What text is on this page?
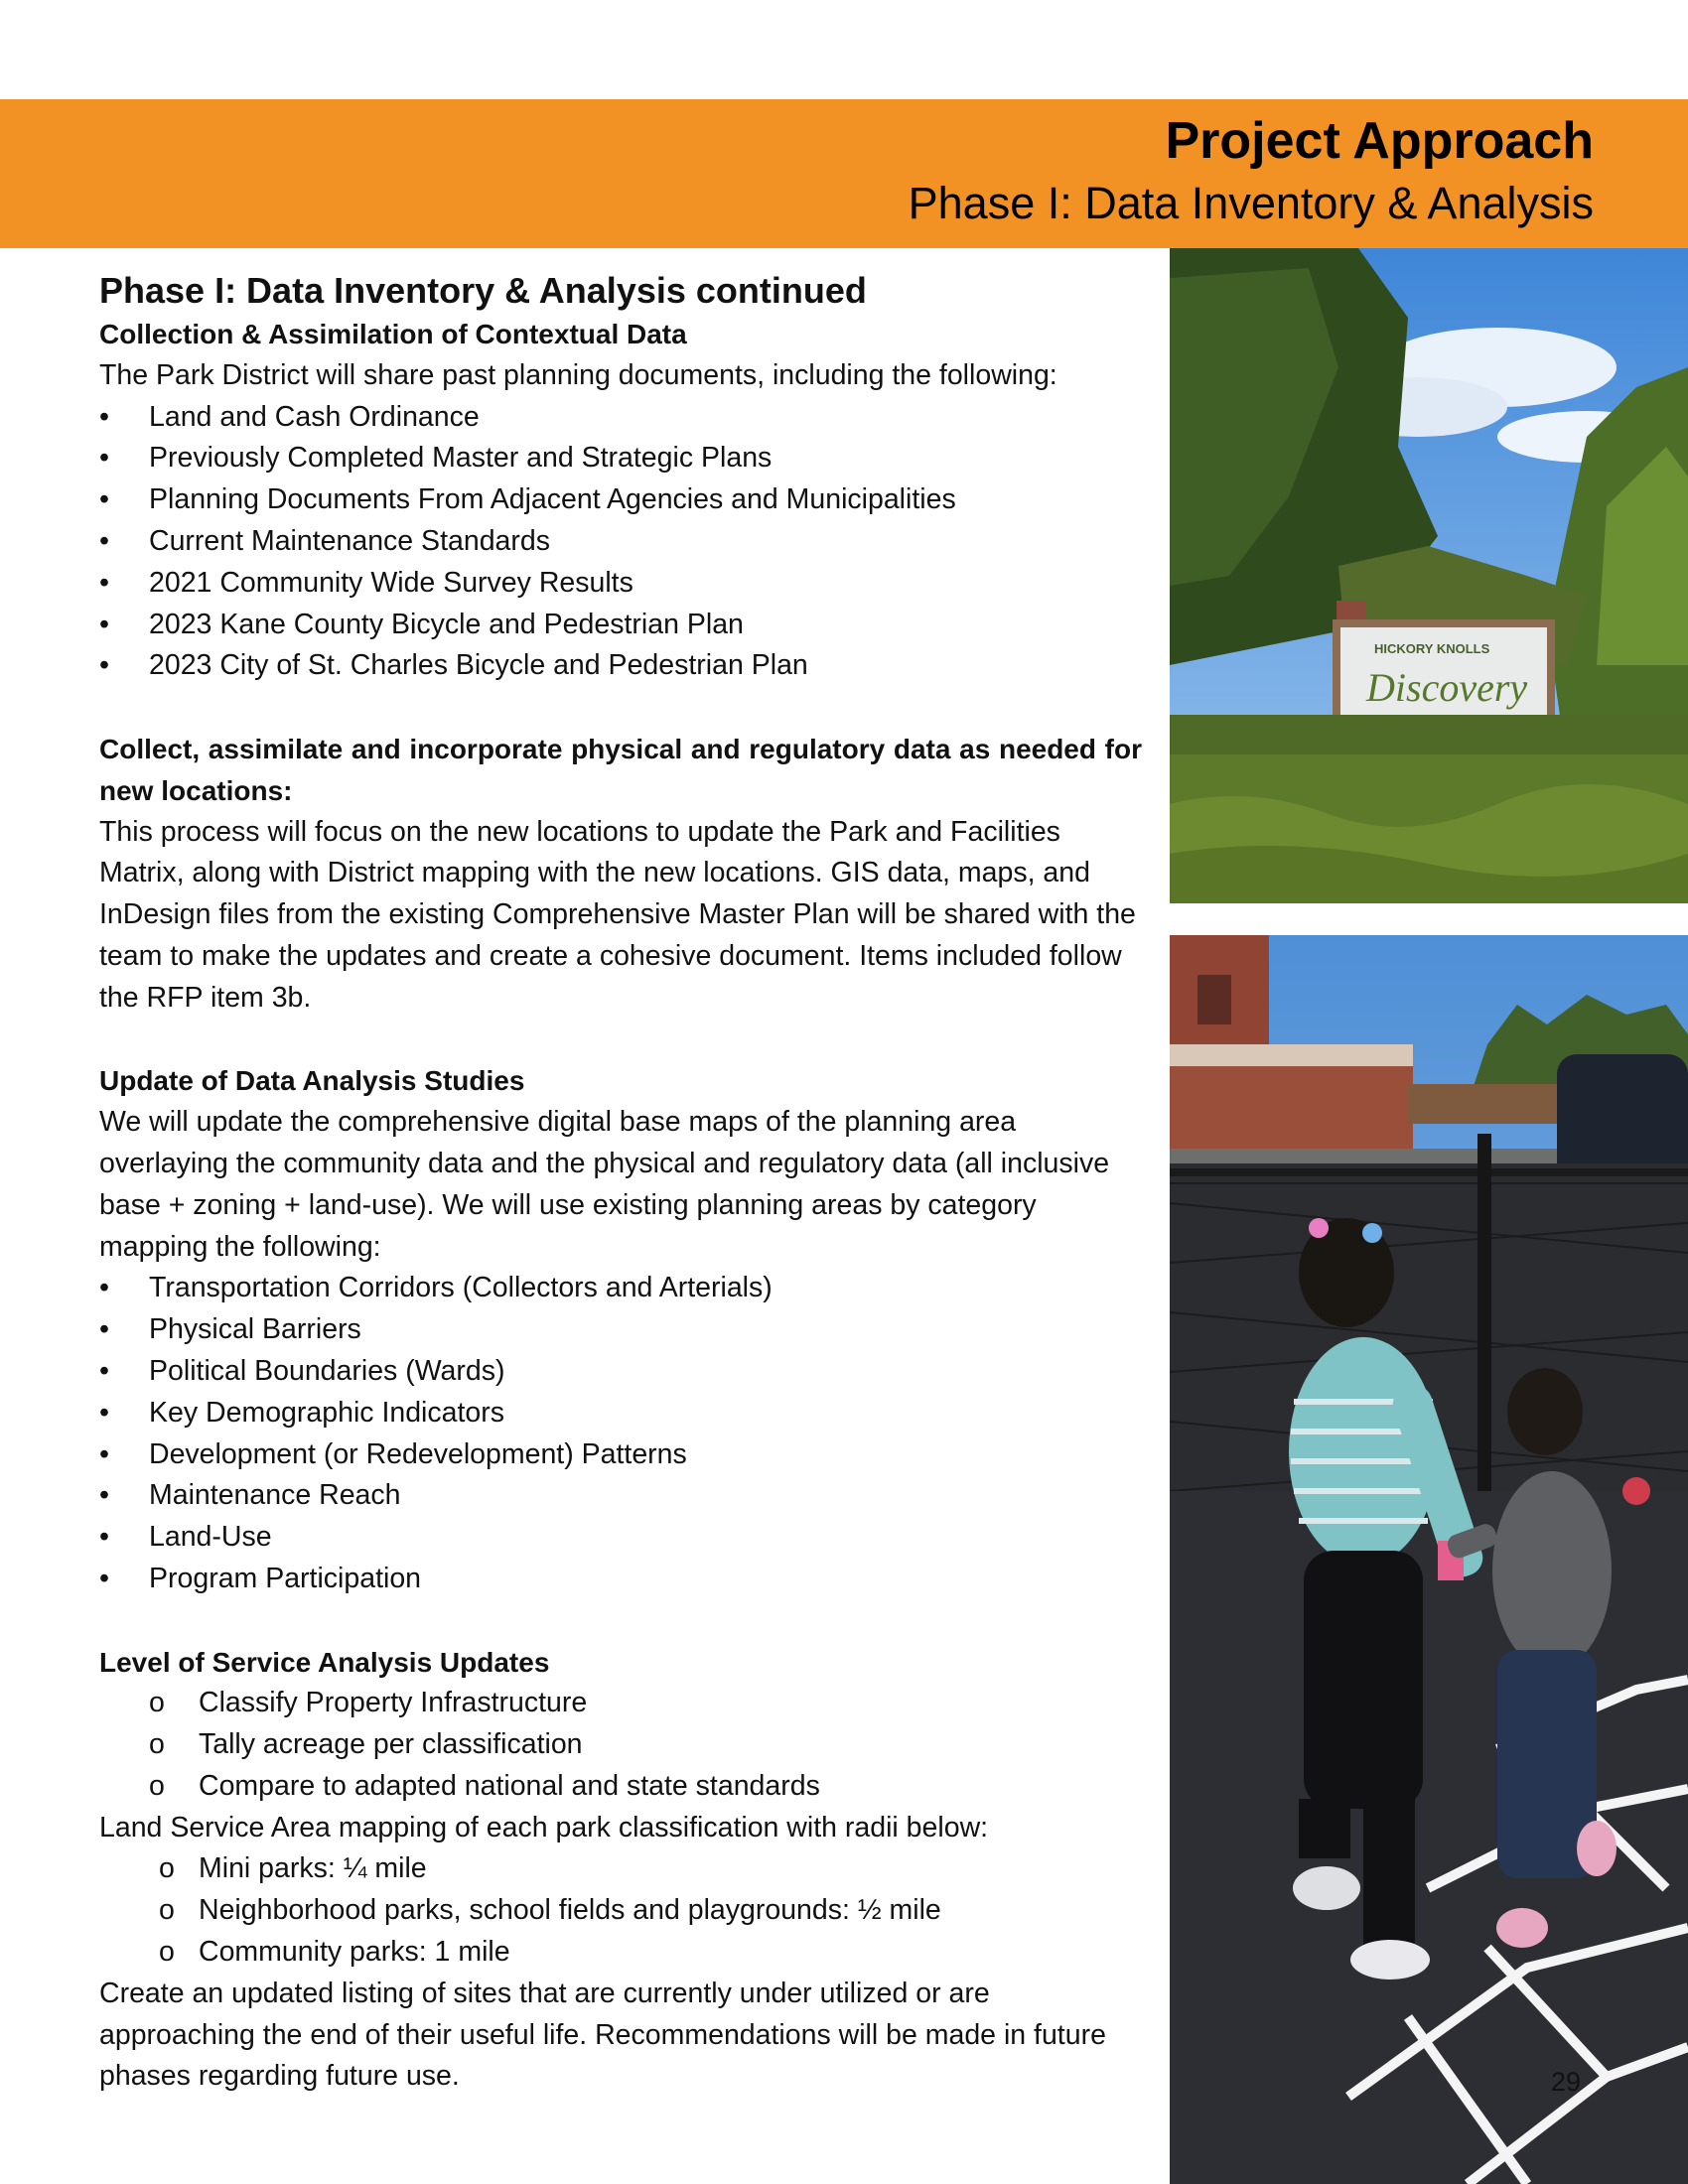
Project Approach
Phase I: Data Inventory & Analysis
Phase I: Data Inventory & Analysis continued
Collection & Assimilation of Contextual Data

The Park District will share past planning documents, including the following:

• Land and Cash Ordinance
• Previously Completed Master and Strategic Plans
• Planning Documents From Adjacent Agencies and Municipalities
• Current Maintenance Standards
• 2021 Community Wide Survey Results
• 2023 Kane County Bicycle and Pedestrian Plan
• 2023 City of St. Charles Bicycle and Pedestrian Plan
Collect, assimilate and incorporate physical and regulatory data as needed for new locations:

This process will focus on the new locations to update the Park and Facilities Matrix, along with District mapping with the new locations. GIS data, maps, and InDesign files from the existing Comprehensive Master Plan will be shared with the team to make the updates and create a cohesive document. Items included follow the RFP item 3b.

Update of Data Analysis Studies

We will update the comprehensive digital base maps of the planning area overlaying the community data and the physical and regulatory data (all inclusive base + zoning + land-use). We will use existing planning areas by category mapping the following:

• Transportation Corridors (Collectors and Arterials)
• Physical Barriers
• Political Boundaries (Wards)
• Key Demographic Indicators
• Development (or Redevelopment) Patterns
• Maintenance Reach
• Land-Use
• Program Participation
Level of Service Analysis Updates
o Classify Property Infrastructure
o Tally acreage per classification
o Compare to adapted national and state standards

Land Service Area mapping of each park classification with radii below:

o Mini parks: ¼ mile
o Neighborhood parks, school fields and playgrounds: ½ mile
o Community parks: 1 mile

Create an updated listing of sites that are currently under utilized or are approaching the end of their useful life. Recommendations will be made in future phases regarding future use.

HICKORY KNOLLS
Discovery
29
